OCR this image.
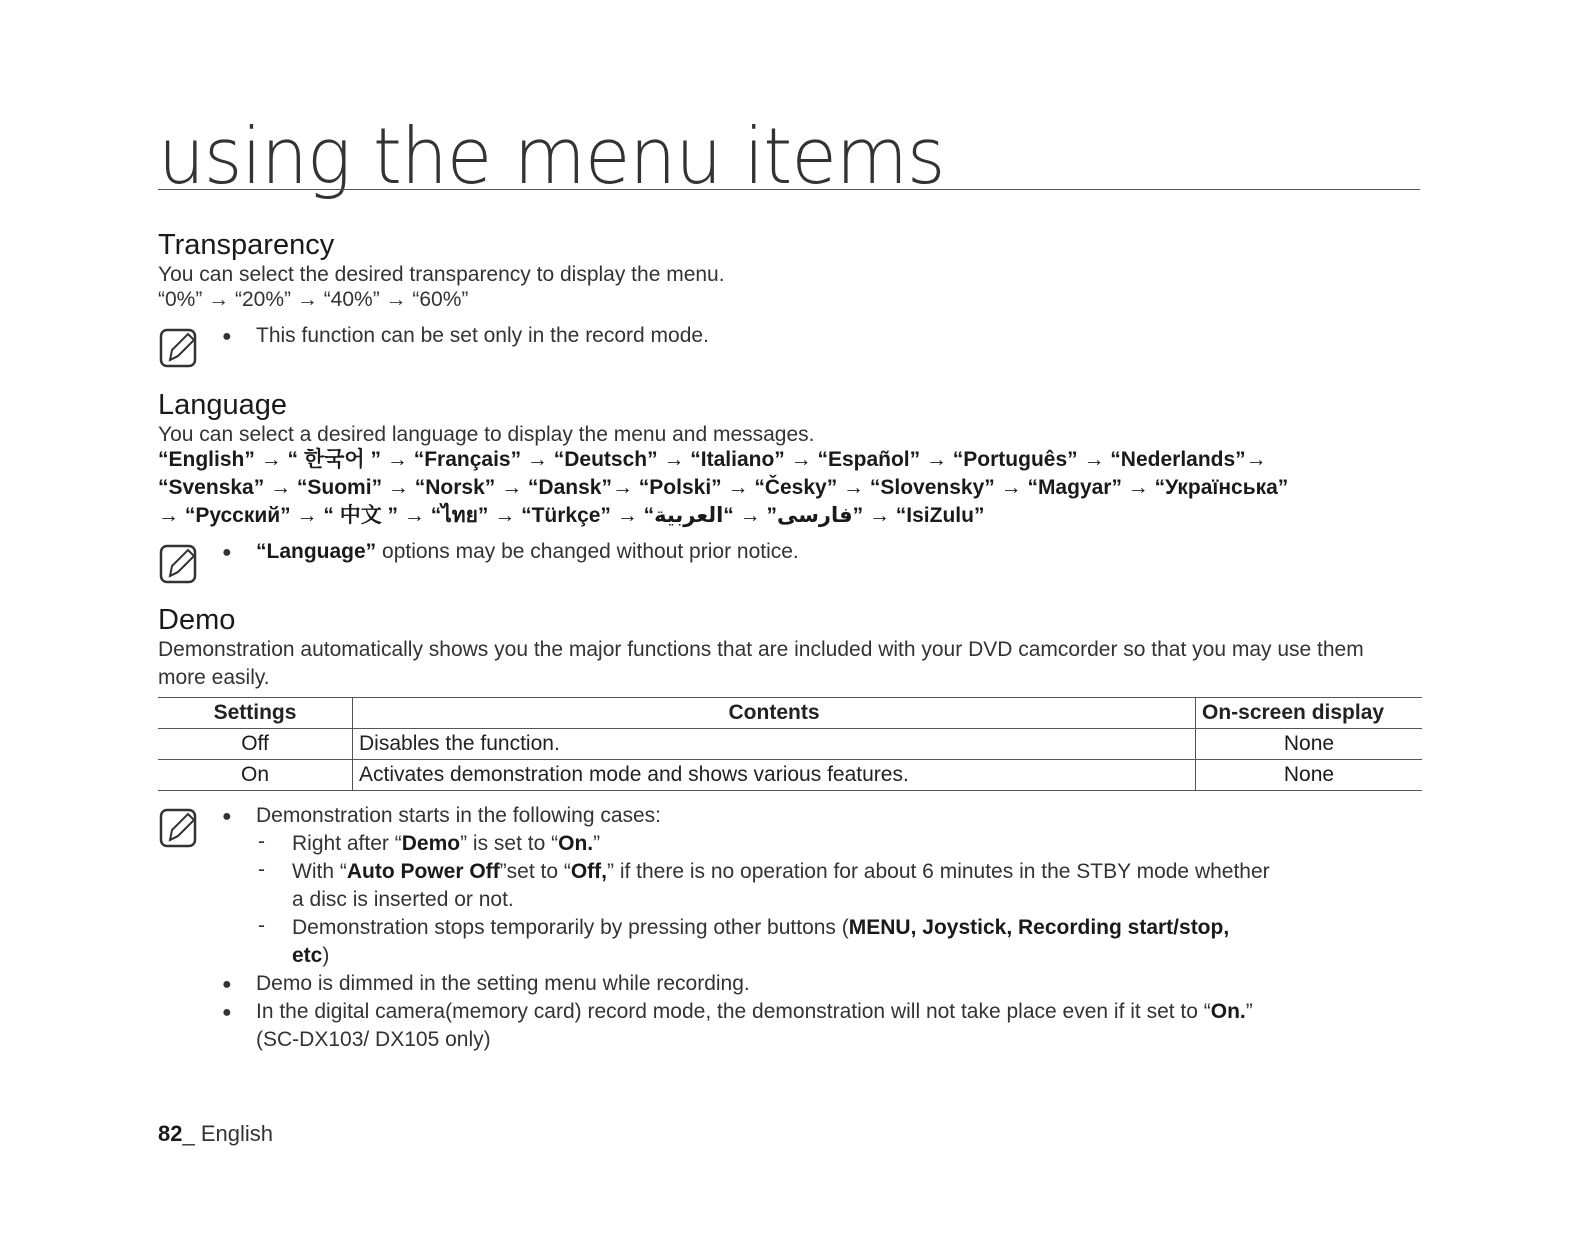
using the menu items
Transparency
You can select the desired transparency to display the menu.
“0%” → “20%” → “40%” → “60%”
● This function can be set only in the record mode.
Language
You can select a desired language to display the menu and messages.
“English” → “ 한국어 ” → “Français” → “Deutsch” → “Italiano” → “Español” → “Português” → “Nederlands”→
“Svenska” → “Suomi” → “Norsk” → “Dansk”→ “Polski” → “Česky” → “Slovensky” → “Magyar” → “Українська”
→ “Русский” → “ 中文 ” → “ไทย” → “Türkçe” → “فارسی” → “العربية” → “IsiZulu”
● “Language” options may be changed without prior notice.
Demo
Demonstration automatically shows you the major functions that are included with your DVD camcorder so that you may use them more easily.
Settings	Contents	On-screen display
Off	Disables the function.	None
On	Activates demonstration mode and shows various features.	None
● Demonstration starts in the following cases:
- Right after “Demo” is set to “On.”
- With “Auto Power Off”set to “Off,” if there is no operation for about 6 minutes in the STBY mode whether
a disc is inserted or not.
- Demonstration stops temporarily by pressing other buttons (MENU, Joystick, Recording start/stop,
etc)
● Demo is dimmed in the setting menu while recording.
● In the digital camera(memory card) record mode, the demonstration will not take place even if it set to “On.”
(SC-DX103/ DX105 only)
82_ English
